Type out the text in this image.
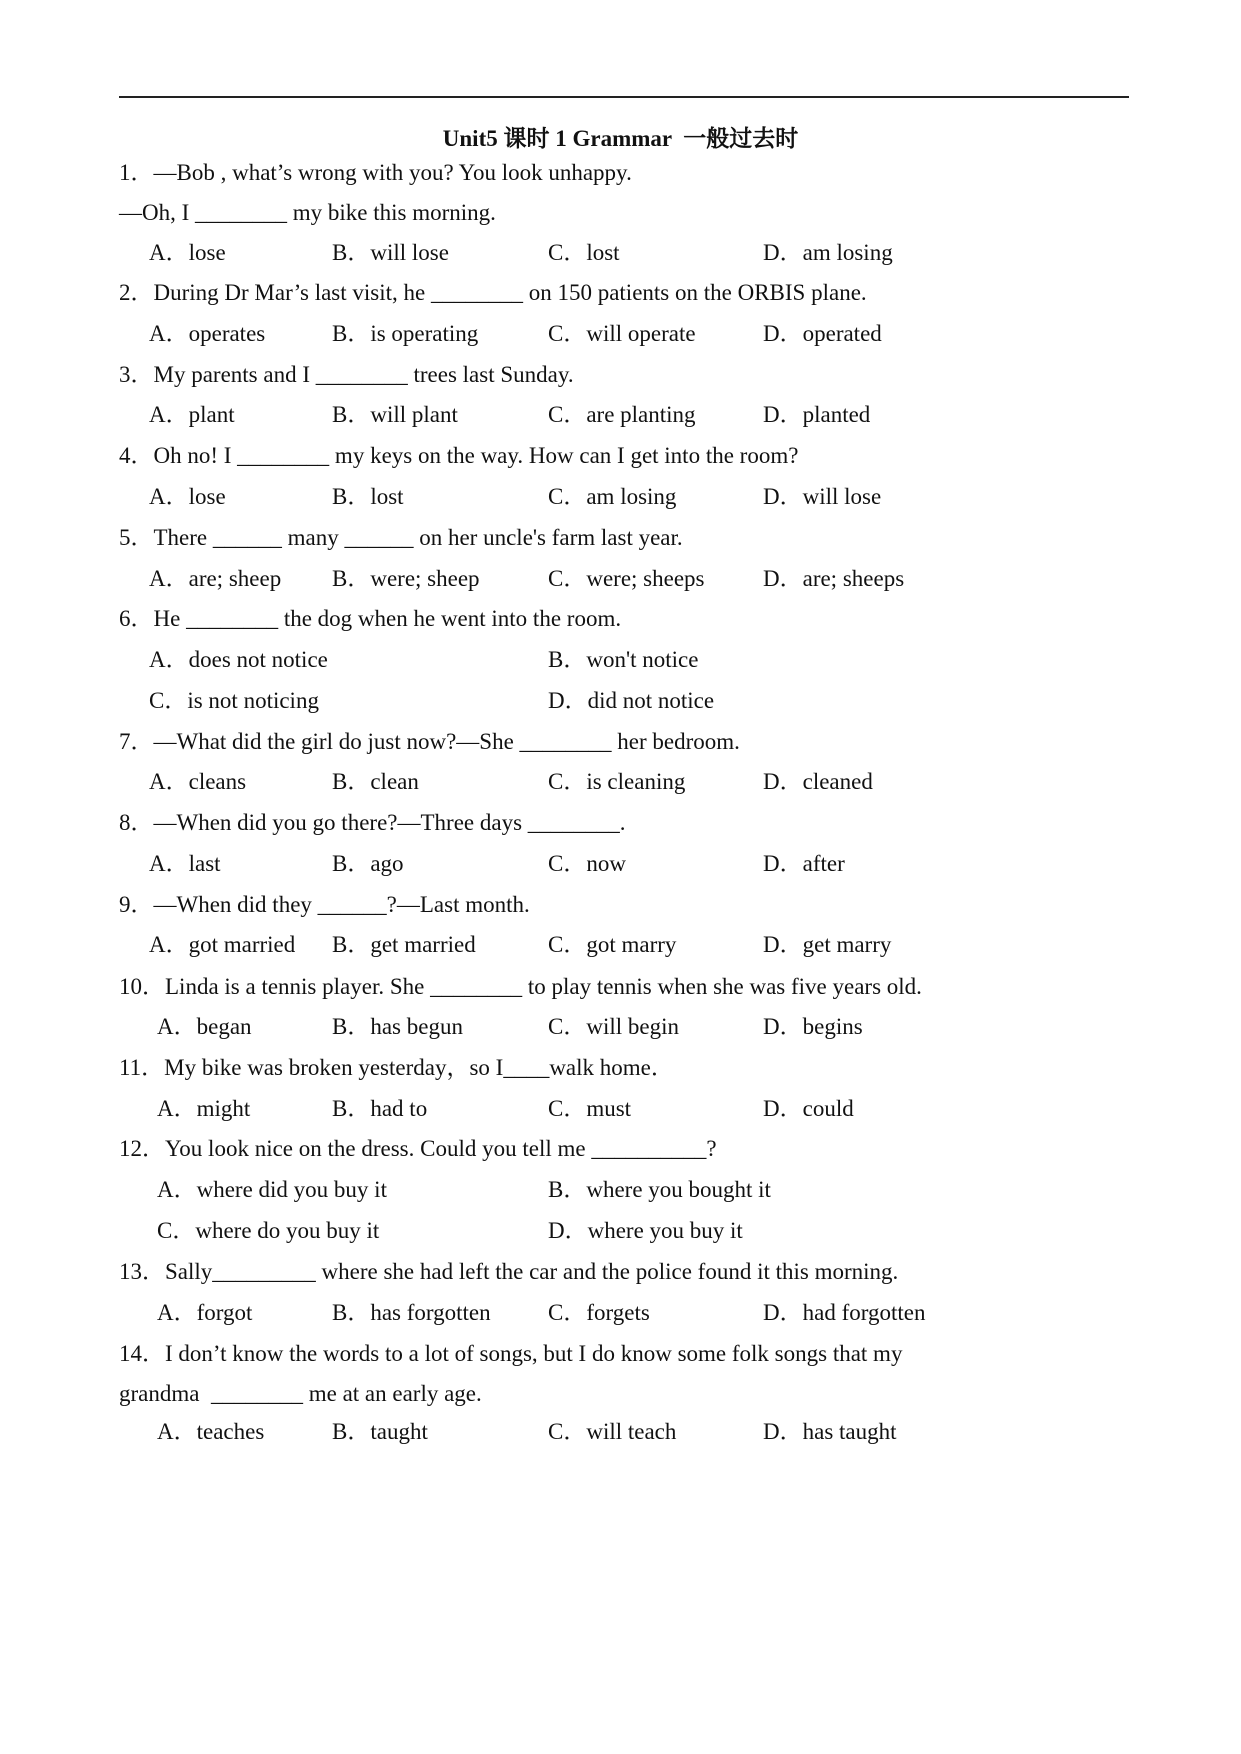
Unit5 课时 1 Grammar  一般过去时
1．—Bob , what’s wrong with you? You look unhappy.
—Oh, I ________ my bike this morning.
A．lose	B．will lose	C．lost	D．am losing
2．During Dr Mar’s last visit, he ________ on 150 patients on the ORBIS plane.
A．operates	B．is operating	C．will operate	D．operated
3．My parents and I ________ trees last Sunday.
A．plant	B．will plant	C．are planting	D．planted
4．Oh no! I ________ my keys on the way. How can I get into the room?
A．lose	B．lost	C．am losing	D．will lose
5．There ______ many ______ on her uncle's farm last year.
A．are; sheep B．were; sheep	C．were; sheeps	D．are; sheeps
6．He ________ the dog when he went into the room.
A．does not notice	B．won't notice
C．is not noticing	D．did not notice
7．—What did the girl do just now?—She ________ her bedroom.
A．cleans	B．clean	C．is cleaning	D．cleaned
8．—When did you go there?—Three days ________.
A．last	B．ago	C．now	D．after
9．—When did they ______?—Last month.
A．got married B．get married	C．got marry	D．get marry
10．Linda is a tennis player. She ________ to play tennis when she was five years old.
A．began	B．has begun	C．will begin	D．begins
11．My bike was broken yesterday，so I____walk home．
A．might	B．had to	C．must	D．could
12．You look nice on the dress. Could you tell me __________?
A．where did you buy it	B．where you bought it
C．where do you buy it	D．where you buy it
13．Sally_________ where she had left the car and the police found it this morning.
A．forgot	B．has forgotten C．forgets	D．had forgotten
14．I don’t know the words to a lot of songs, but I do know some folk songs that my
grandma  ________ me at an early age.
A．teaches	B．taught	C．will teach	D．has taught
